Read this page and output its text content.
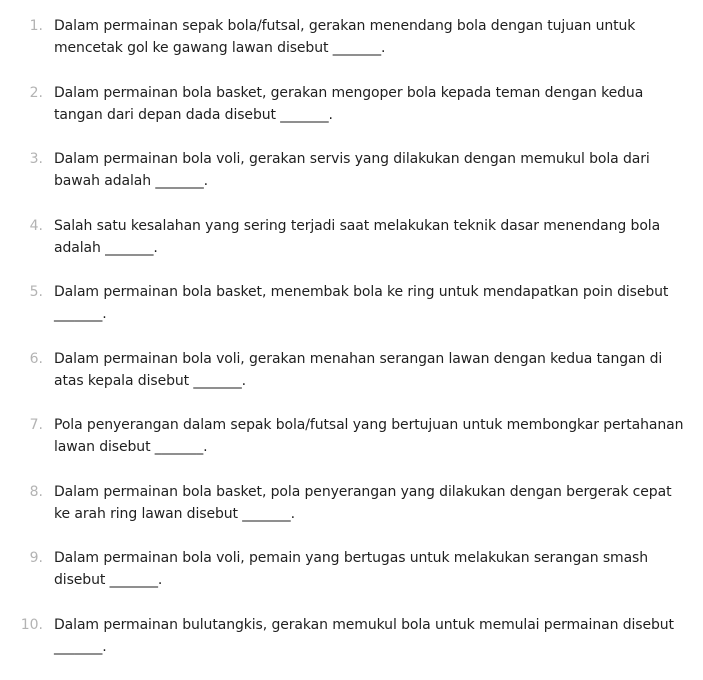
1. Dalam permainan sepak bola/futsal, gerakan menendang bola dengan tujuan untuk mencetak gol ke gawang lawan disebut _______.
2. Dalam permainan bola basket, gerakan mengoper bola kepada teman dengan kedua tangan dari depan dada disebut _______.
3. Dalam permainan bola voli, gerakan servis yang dilakukan dengan memukul bola dari bawah adalah _______.
4. Salah satu kesalahan yang sering terjadi saat melakukan teknik dasar menendang bola adalah _______.
5. Dalam permainan bola basket, menembak bola ke ring untuk mendapatkan poin disebut _______.
6. Dalam permainan bola voli, gerakan menahan serangan lawan dengan kedua tangan di atas kepala disebut _______.
7. Pola penyerangan dalam sepak bola/futsal yang bertujuan untuk membongkar pertahanan lawan disebut _______.
8. Dalam permainan bola basket, pola penyerangan yang dilakukan dengan bergerak cepat ke arah ring lawan disebut _______.
9. Dalam permainan bola voli, pemain yang bertugas untuk melakukan serangan smash disebut _______.
10. Dalam permainan bulutangkis, gerakan memukul bola untuk memulai permainan disebut _______.
